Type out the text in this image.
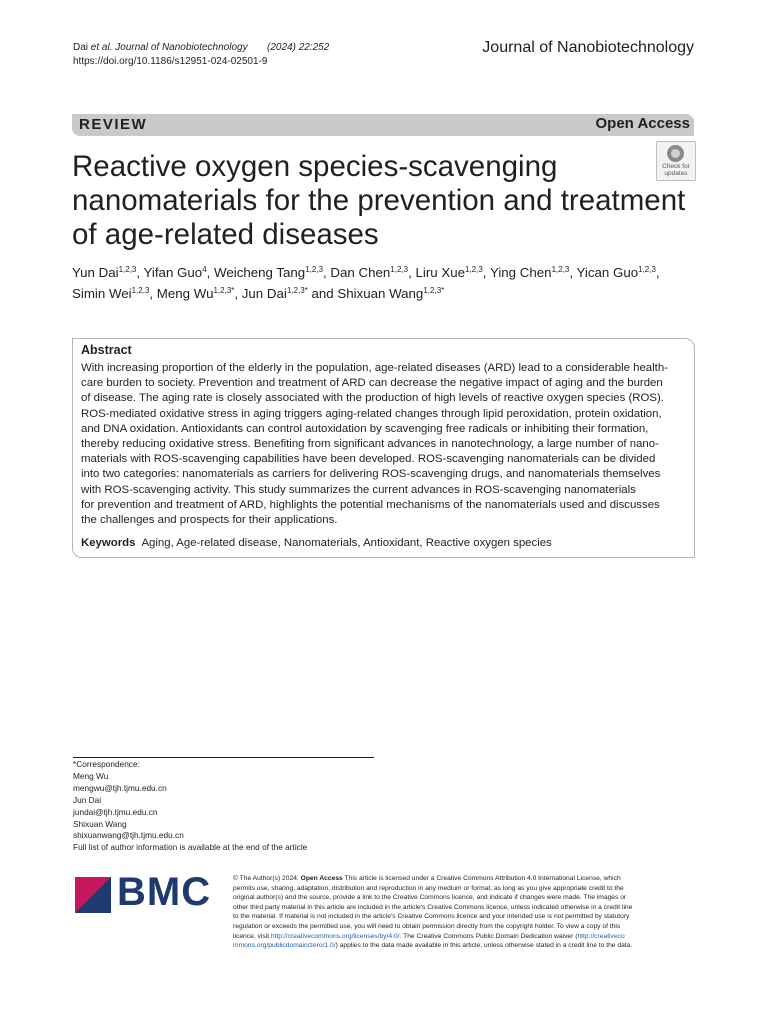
Dai et al. Journal of Nanobiotechnology (2024) 22:252
https://doi.org/10.1186/s12951-024-02501-9
Journal of Nanobiotechnology
REVIEW	Open Access
Reactive oxygen species-scavenging
nanomaterials for the prevention and treatment
of age-related diseases
Check for
updates
Yun Dai$^{1,2,3}$, Yifan Guo$^4$, Weicheng Tang$^{1,2,3}$, Dan Chen$^{1,2,3}$, Liru Xue$^{1,2,3}$, Ying Chen$^{1,2,3}$, Yican Guo$^{1,2,3}$,
Simin Wei$^{1,2,3}$, Meng $Wu^{1,2,3*}$, Jun Dai$^{1,2,3*}$ and Shixuan Wang$^{1,2,3*}$
Abstract
With increasing proportion of the elderly in the population, age-related diseases (ARD) lead to a considerable health-
care burden to society. Prevention and treatment of ARD can decrease the negative impact of aging and the burden
of disease. The aging rate is closely associated with the production of high levels of reactive oxygen species (ROS).
ROS-mediated oxidative stress in aging triggers aging-related changes through lipid peroxidation, protein oxidation,
and DNA oxidation. Antioxidants can control autoxidation by scavenging free radicals or inhibiting their formation,
thereby reducing oxidative stress. Benefiting from significant advances in nanotechnology, a large number of nano-
materials with ROS-scavenging capabilities have been developed. ROS-scavenging nanomaterials can be divided
into two categories: nanomaterials as carriers for delivering ROS-scavenging drugs, and nanomaterials themselves
with ROS-scavenging activity. This study summarizes the current advances in ROS-scavenging nanomaterials
for prevention and treatment of ARD, highlights the potential mechanisms of the nanomaterials used and discusses
the challenges and prospects for their applications.
Keywords Aging, Age-related disease, Nanomaterials, Antioxidant, Reactive oxygen species
*Correspondence:
Meng Wu
mengwu@tjh.tjmu.edu.cn
Jun Dai
jundai@tjh.tjmu.edu.cn
Shixuan Wang
shixuanwang@tjh.tjmu.edu.cn
Full list of author information is available at the end of the article
BMC	© The Author(s) 2024. Open Access This article is licensed under a Creative Commons Attribution 4.0 International License, which
permits use, sharing, adaptation, distribution and reproduction in any medium or format, as long as you give appropriate credit to the
original author(s) and the source, provide a link to the Creative Commons licence, and indicate if changes were made. The images or
other third party material in this article are included in the article's Creative Commons licence, unless indicated otherwise in a credit line
to the material. If material is not included in the article's Creative Commons licence and your intended use is not permitted by statutory
regulation or exceeds the permitted use, you will need to obtain permission directly from the copyright holder. To view a copy of this
licence, visit http://creativecommons.org/licenses/by/4.0/. The Creative Commons Public Domain Dedication waiver (http://creativeco
mmons.org/publicdomain/zero/1.0/) applies to the data made available in this article, unless otherwise stated in a credit line to the data.
